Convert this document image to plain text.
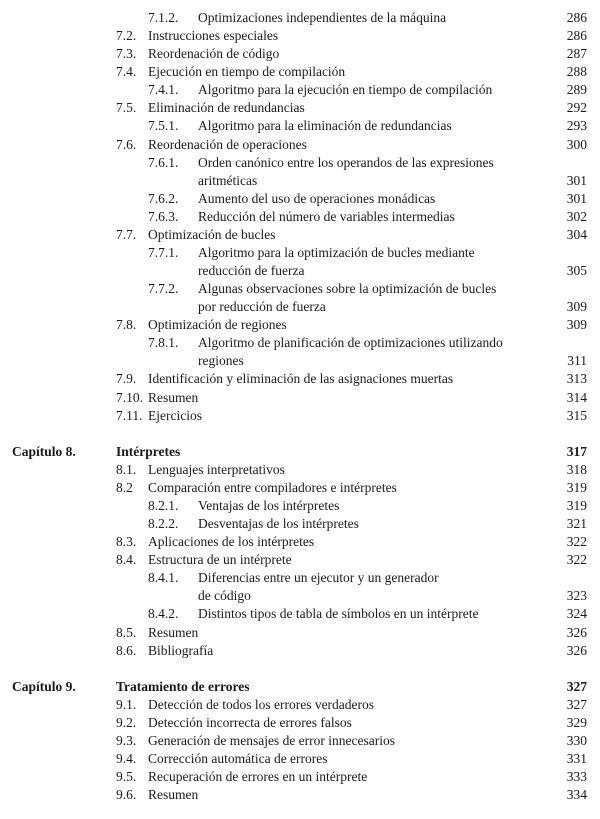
7.1.2. Optimizaciones independientes de la máquina	286
7.2. Instrucciones especiales	286
7.3. Reordenación de código	287
7.4. Ejecución en tiempo de compilación	288
7.4.1. Algoritmo para la ejecución en tiempo de compilación	289
7.5. Eliminación de redundancias	292
7.5.1. Algoritmo para la eliminación de redundancias	293
7.6. Reordenación de operaciones	300
7.6.1. Orden canónico entre los operandos de las expresiones
aritméticas	301
7.6.2. Aumento del uso de operaciones monádicas	301
7.6.3. Reducción del número de variables intermedias	302
7.7. Optimización de bucles	304
7.7.1. Algoritmo para la optimización de bucles mediante
reducción de fuerza	305
7.7.2. Algunas observaciones sobre la optimización de bucles
por reducción de fuerza	309
7.8. Optimización de regiones	309
7.8.1. Algoritmo de planificación de optimizaciones utilizando
regiones	311
7.9. Identificación y eliminación de las asignaciones muertas	313
7.10. Resumen	314
7.11. Ejercicios	315
Capítulo 8.	Intérpretes	317
8.1. Lenguajes interpretativos	318
8.2 Comparación entre compiladores e intérpretes	319
8.2.1. Ventajas de los intérpretes	319
8.2.2. Desventajas de los intérpretes	321
8.3. Aplicaciones de los intérpretes	322
8.4. Estructura de un intérprete	322
8.4.1. Diferencias entre un ejecutor y un generador
de código	323
8.4.2. Distintos tipos de tabla de símbolos en un intérprete	324
8.5. Resumen	326
8.6. Bibliografía	326
Capítulo 9.	Tratamiento de errores	327
9.1. Detección de todos los errores verdaderos	327
9.2. Detección incorrecta de errores falsos	329
9.3. Generación de mensajes de error innecesarios	330
9.4. Corrección automática de errores	331
9.5. Recuperación de errores en un intérprete	333
9.6. Resumen	334
